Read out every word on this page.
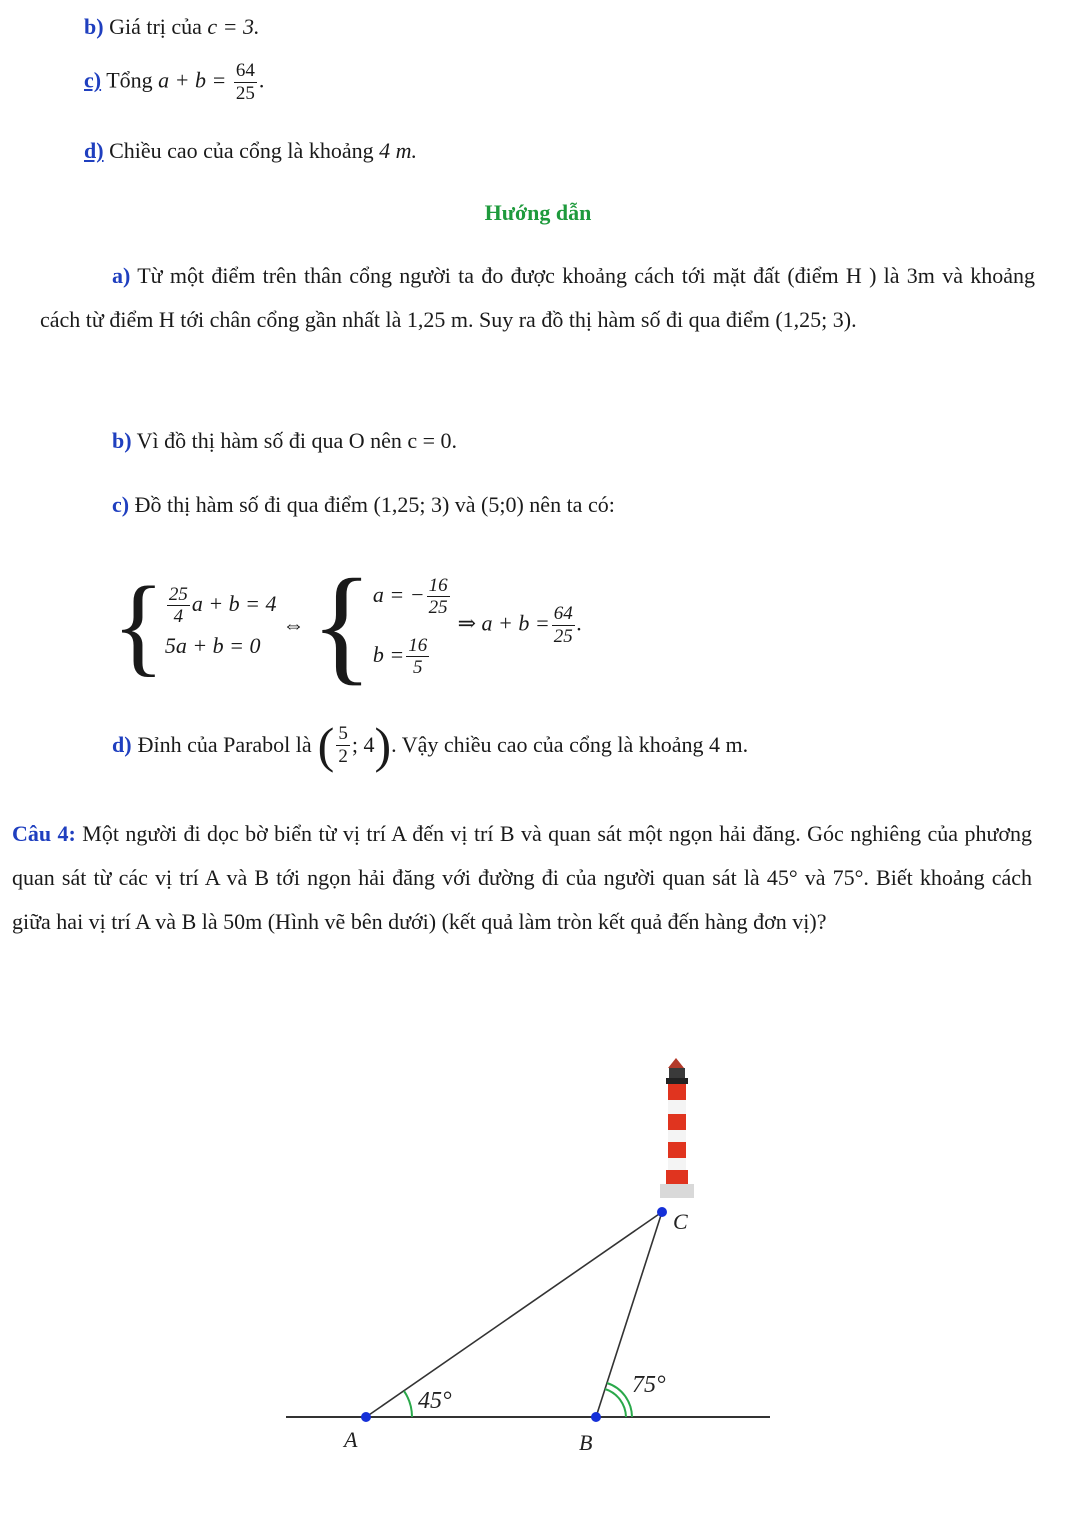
b) Giá trị của c = 3.
c) Tổng $a + b = \frac{64}{25}$ .
d) Chiều cao của cổng là khoảng 4 m.
Hướng dẫn
a) Từ một điểm trên thân cổng người ta đo được khoảng cách tới mặt đất (điểm H ) là 3m và khoảng cách từ điểm H tới chân cổng gần nhất là 1,25 m. Suy ra đồ thị hàm số đi qua điểm (1,25; 3).
b) Vì đồ thị hàm số đi qua O nên c = 0.
c) Đồ thị hàm số đi qua điểm (1,25; 3) và (5;0) nên ta có:
{ $\frac{25}{4}$ a + b = 4
5a + b = 0
⇔ { a = − $\frac{16}{25}$
$b = \frac{16}{5}$
⇒ $a + b = \frac{64}{25}$ .
d) Đỉnh của Parabol là ( $\frac{5}{2}$ ; 4 ) . Vậy chiều cao của cổng là khoảng 4 m.
Câu 4: Một người đi dọc bờ biển từ vị trí A đến vị trí B và quan sát một ngọn hải đăng. Góc nghiêng của phương quan sát từ các vị trí A và B tới ngọn hải đăng với đường đi của người quan sát là 45° và 75°. Biết khoảng cách giữa hai vị trí A và B là 50m (Hình vẽ bên dưới) (kết quả làm tròn kết quả đến hàng đơn vị)?
A	B
C
45°
75°
